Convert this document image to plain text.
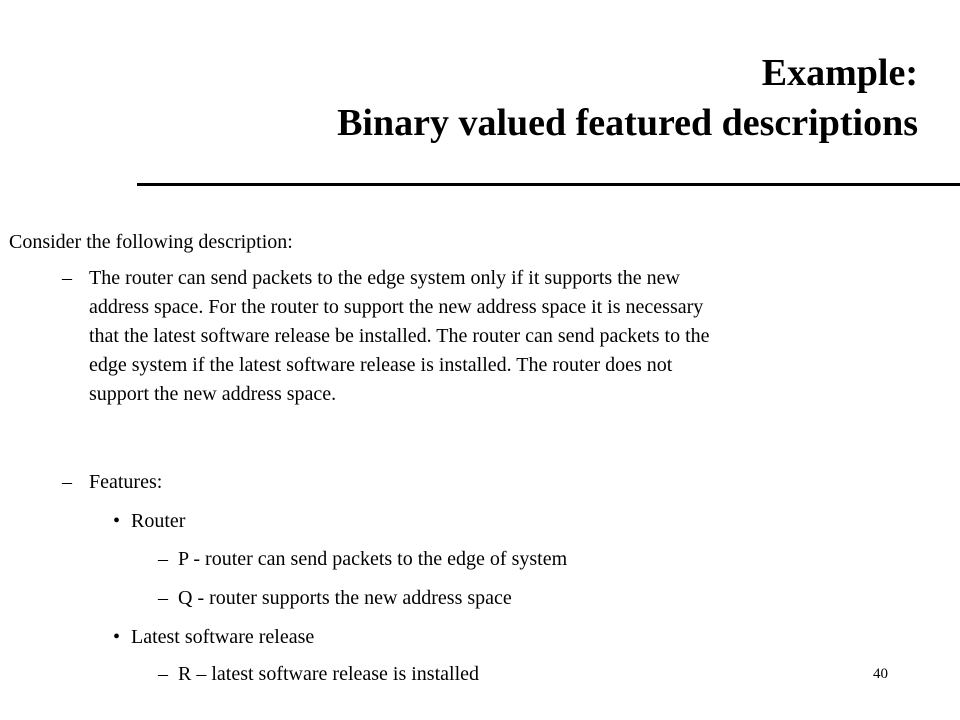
Example:
Binary valued featured descriptions
Consider the following description:
– The router can send packets to the edge system only if it supports the new
address space. For the router to support the new address space it is necessary
that the latest software release be installed. The router can send packets to the
edge system if the latest software release is installed. The router does not
support the new address space.
– Features:
• Router
– P - router can send packets to the edge of system
– Q - router supports the new address space
• Latest software release
– R – latest software release is installed	40
